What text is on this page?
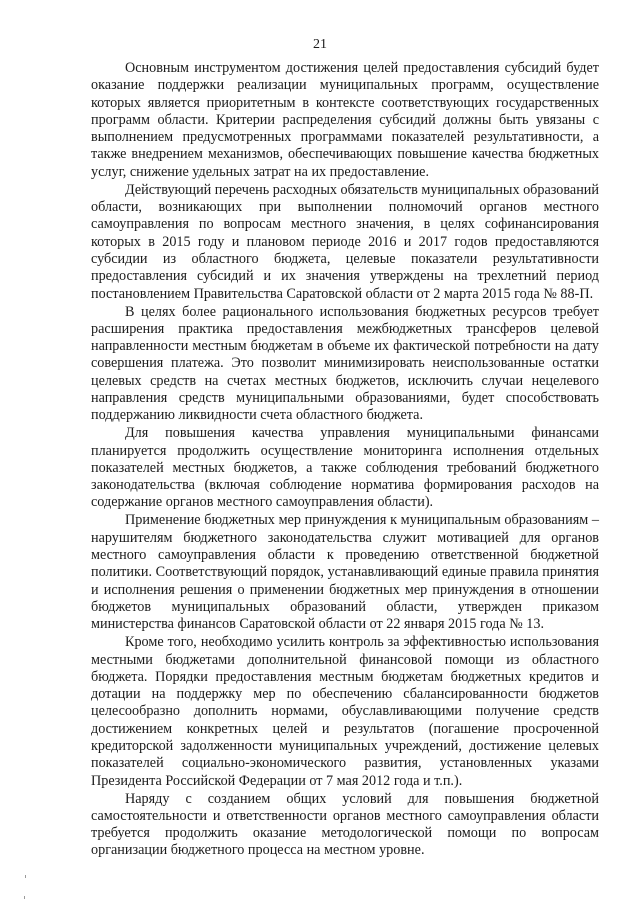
21

Основным инструментом достижения целей предоставления субсидий будет оказание поддержки реализации муниципальных программ, осуществление которых является приоритетным в контексте соответствующих государственных программ области. Критерии распределения субсидий должны быть увязаны с выполнением предусмотренных программами показателей результативности, а также внедрением механизмов, обеспечивающих повышение качества бюджетных услуг, снижение удельных затрат на их предоставление.

Действующий перечень расходных обязательств муниципальных образований области, возникающих при выполнении полномочий органов местного самоуправления по вопросам местного значения, в целях софинансирования которых в 2015 году и плановом периоде 2016 и 2017 годов предоставляются субсидии из областного бюджета, целевые показатели результативности предоставления субсидий и их значения утверждены на трехлетний период постановлением Правительства Саратовской области от 2 марта 2015 года № 88-П.

В целях более рационального использования бюджетных ресурсов требует расширения практика предоставления межбюджетных трансферов целевой направленности местным бюджетам в объеме их фактической потребности на дату совершения платежа. Это позволит минимизировать неиспользованные остатки целевых средств на счетах местных бюджетов, исключить случаи нецелевого направления средств муниципальными образованиями, будет способствовать поддержанию ликвидности счета областного бюджета.

Для повышения качества управления муниципальными финансами планируется продолжить осуществление мониторинга исполнения отдельных показателей местных бюджетов, а также соблюдения требований бюджетного законодательства (включая соблюдение норматива формирования расходов на содержание органов местного самоуправления области).

Применение бюджетных мер принуждения к муниципальным образованиям – нарушителям бюджетного законодательства служит мотивацией для органов местного самоуправления области к проведению ответственной бюджетной политики. Соответствующий порядок, устанавливающий единые правила принятия и исполнения решения о применении бюджетных мер принуждения в отношении бюджетов муниципальных образований области, утвержден приказом министерства финансов Саратовской области от 22 января 2015 года № 13.

Кроме того, необходимо усилить контроль за эффективностью использования местными бюджетами дополнительной финансовой помощи из областного бюджета. Порядки предоставления местным бюджетам бюджетных кредитов и дотации на поддержку мер по обеспечению сбалансированности бюджетов целесообразно дополнить нормами, обуславливающими получение средств достижением конкретных целей и результатов (погашение просроченной кредиторской задолженности муниципальных учреждений, достижение целевых показателей социально-экономического развития, установленных указами Президента Российской Федерации от 7 мая 2012 года и т.п.).

Наряду с созданием общих условий для повышения бюджетной самостоятельности и ответственности органов местного самоуправления области требуется продолжить оказание методологической помощи по вопросам организации бюджетного процесса на местном уровне.
